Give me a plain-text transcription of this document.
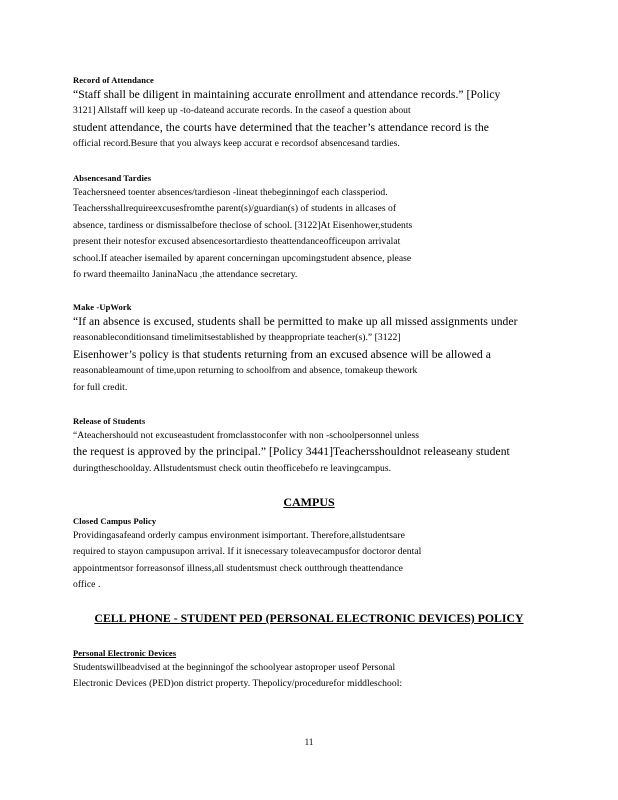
Record of Attendance
“Staff shall be diligent in maintaining accurate enrollment and attendance records.” [Policy
3121] Allstaff will keep up -to-dateand accurate records. In the caseof a question about
student attendance, the courts have determined that the teacher’s attendance record is the
official record.Besure that you always keep accurat e recordsof absencesand tardies.
Absencesand Tardies
Teachersneed toenter absences/tardieson -lineat thebeginningof each classperiod.
Teachersshallrequireexcusesfromthe parent(s)/guardian(s) of students in allcases of
absence, tardiness or dismissalbefore theclose of school. [3122]At Eisenhower,students
present their notesfor excused absencesortardiesto theattendanceofficeupon arrivalat
school.If ateacher isemailed by aparent concerningan upcomingstudent absence, please
fo rward theemailto JaninaNacu ,the attendance secretary.
Make -UpWork
“If an absence is excused, students shall be permitted to make up all missed assignments under
reasonableconditionsand timelimitsestablished by theappropriate teacher(s).” [3122]
Eisenhower’s policy is that students returning from an excused absence will be allowed a
reasonableamount of time,upon returning to schoolfrom and absence, tomakeup thework
for full credit.
Release of Students
“Ateachershould not excuseastudent fromclasstoconfer with non -schoolpersonnel unless
the request is approved by the principal.” [Policy 3441]Teachersshouldnot releaseany student
duringtheschoolday. Allstudentsmust check outin theofficebefo re leavingcampus.
CAMPUS
Closed Campus Policy
Providingasafeand orderly campus environment isimportant. Therefore,allstudentsare
required to stayon campusupon arrival. If it isnecessary toleavecampusfor doctoror dental
appointmentsor forreasonsof illness,all studentsmust check outthrough theattendance
office .
CELL PHONE - STUDENT PED (PERSONAL ELECTRONIC DEVICES) POLICY
Personal Electronic Devices
Studentswillbeadvised at the beginningof the schoolyear astoproper useof Personal
Electronic Devices (PED)on district property. Thepolicy/procedurefor middleschool:
11
